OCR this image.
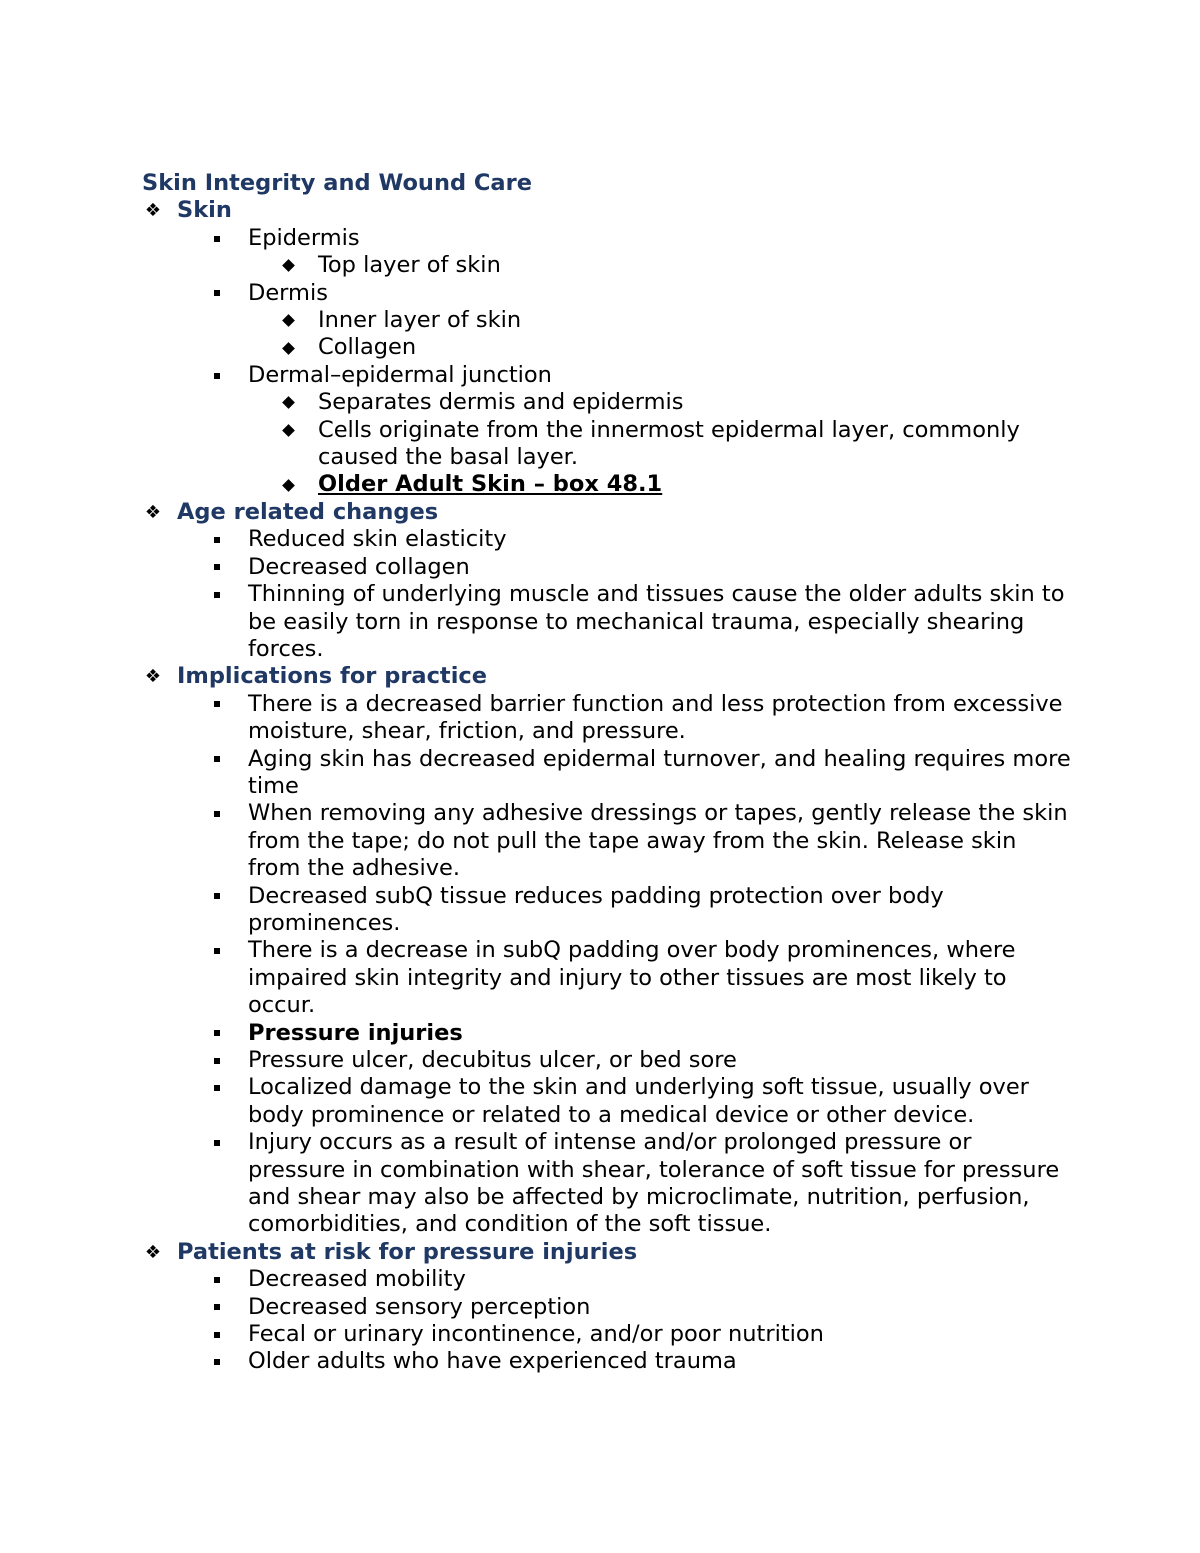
Skin Integrity and Wound Care
❖ Skin
Epidermis
Top layer of skin
Dermis
Inner layer of skin
Collagen
Dermal–epidermal junction
Separates dermis and epidermis
Cells originate from the innermost epidermal layer, commonly caused the basal layer.
Older Adult Skin – box 48.1
❖ Age related changes
Reduced skin elasticity
Decreased collagen
Thinning of underlying muscle and tissues cause the older adults skin to be easily torn in response to mechanical trauma, especially shearing forces.
❖ Implications for practice
There is a decreased barrier function and less protection from excessive moisture, shear, friction, and pressure.
Aging skin has decreased epidermal turnover, and healing requires more time
When removing any adhesive dressings or tapes, gently release the skin from the tape; do not pull the tape away from the skin. Release skin from the adhesive.
Decreased subQ tissue reduces padding protection over body prominences.
There is a decrease in subQ padding over body prominences, where impaired skin integrity and injury to other tissues are most likely to occur.
Pressure injuries
Pressure ulcer, decubitus ulcer, or bed sore
Localized damage to the skin and underlying soft tissue, usually over body prominence or related to a medical device or other device.
Injury occurs as a result of intense and/or prolonged pressure or pressure in combination with shear, tolerance of soft tissue for pressure and shear may also be affected by microclimate, nutrition, perfusion, comorbidities, and condition of the soft tissue.
❖ Patients at risk for pressure injuries
Decreased mobility
Decreased sensory perception
Fecal or urinary incontinence, and/or poor nutrition
Older adults who have experienced trauma
